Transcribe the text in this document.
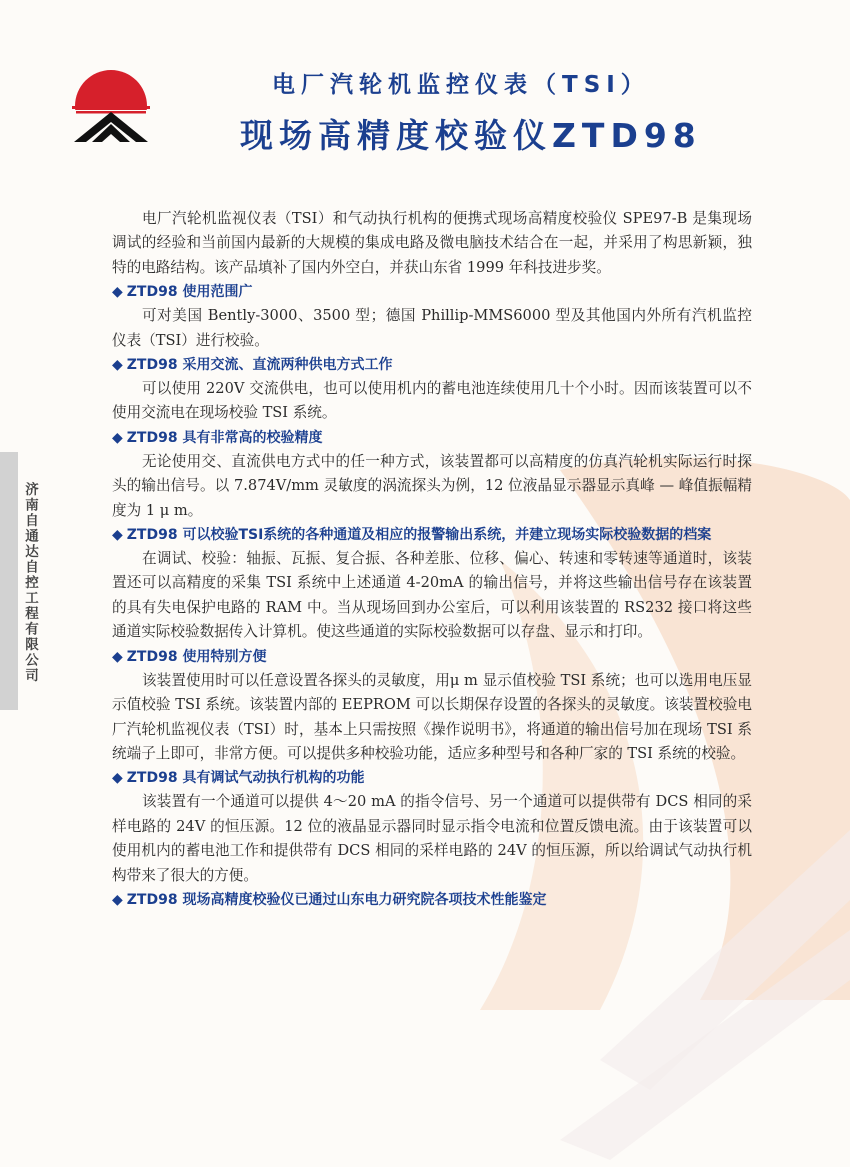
电厂汽轮机监控仪表（TSI）
现场高精度校验仪ZTD98
济南自通达自控工程有限公司

电厂汽轮机监视仪表（TSI）和气动执行机构的便携式现场高精度校验仪 SPE97-B 是集现场调试的经验和当前国内最新的大规模的集成电路及微电脑技术结合在一起，并采用了构思新颖，独特的电路结构。该产品填补了国内外空白，并获山东省 1999 年科技进步奖。

◆ ZTD98 使用范围广

可对美国 Bently-3000、3500 型；德国 Phillip-MMS6000 型及其他国内外所有汽机监控仪表（TSI）进行校验。

◆ ZTD98 采用交流、直流两种供电方式工作

可以使用 220V 交流供电，也可以使用机内的蓄电池连续使用几十个小时。因而该装置可以不使用交流电在现场校验 TSI 系统。

◆ ZTD98 具有非常高的校验精度

无论使用交、直流供电方式中的任一种方式，该装置都可以高精度的仿真汽轮机实际运行时探头的输出信号。以 7.874V/mm 灵敏度的涡流探头为例，12 位液晶显示器显示真峰 — 峰值振幅精度为 1 μ m。

◆ ZTD98 可以校验TSI系统的各种通道及相应的报警输出系统，并建立现场实际校验数据的档案

在调试、校验：轴振、瓦振、复合振、各种差胀、位移、偏心、转速和零转速等通道时，该装置还可以高精度的采集 TSI 系统中上述通道 4-20mA 的输出信号，并将这些输出信号存在该装置的具有失电保护电路的 RAM 中。当从现场回到办公室后，可以利用该装置的 RS232 接口将这些通道实际校验数据传入计算机。使这些通道的实际校验数据可以存盘、显示和打印。

◆ ZTD98 使用特别方便

该装置使用时可以任意设置各探头的灵敏度，用μ m 显示值校验 TSI 系统；也可以选用电压显示值校验 TSI 系统。该装置内部的 EEPROM 可以长期保存设置的各探头的灵敏度。该装置校验电厂汽轮机监视仪表（TSI）时，基本上只需按照《操作说明书》，将通道的输出信号加在现场 TSI 系统端子上即可，非常方便。可以提供多种校验功能，适应多种型号和各种厂家的 TSI 系统的校验。

◆ ZTD98 具有调试气动执行机构的功能

该装置有一个通道可以提供 4～20 mA 的指令信号、另一个通道可以提供带有 DCS 相同的采样电路的 24V 的恒压源。12 位的液晶显示器同时显示指令电流和位置反馈电流。由于该装置可以使用机内的蓄电池工作和提供带有 DCS 相同的采样电路的 24V 的恒压源，所以给调试气动执行机构带来了很大的方便。

◆ ZTD98 现场高精度校验仪已通过山东电力研究院各项技术性能鉴定
